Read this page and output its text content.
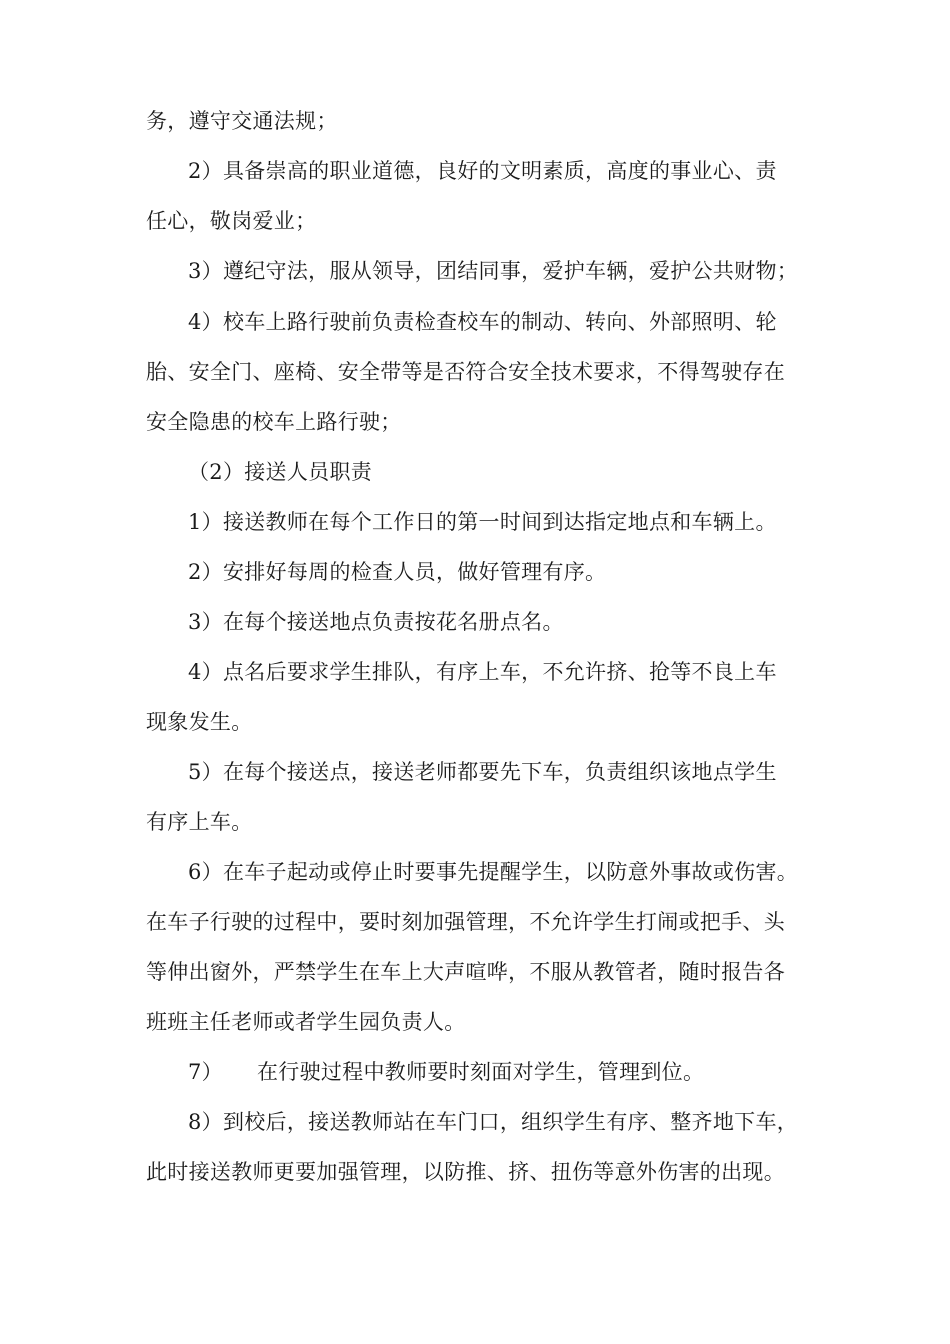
务，遵守交通法规；
2）具备崇高的职业道德，良好的文明素质，高度的事业心、责
任心，敬岗爱业；
3）遵纪守法，服从领导，团结同事，爱护车辆，爱护公共财物；
4）校车上路行驶前负责检查校车的制动、转向、外部照明、轮
胎、安全门、座椅、安全带等是否符合安全技术要求，不得驾驶存在
安全隐患的校车上路行驶；
（2）接送人员职责
1）接送教师在每个工作日的第一时间到达指定地点和车辆上。
2）安排好每周的检查人员，做好管理有序。
3）在每个接送地点负责按花名册点名。
4）点名后要求学生排队，有序上车，不允许挤、抢等不良上车
现象发生。
5）在每个接送点，接送老师都要先下车，负责组织该地点学生
有序上车。
6）在车子起动或停止时要事先提醒学生，以防意外事故或伤害。
在车子行驶的过程中，要时刻加强管理，不允许学生打闹或把手、头
等伸出窗外，严禁学生在车上大声喧哗，不服从教管者，随时报告各
班班主任老师或者学生园负责人。
7） 在行驶过程中教师要时刻面对学生，管理到位。
8）到校后，接送教师站在车门口，组织学生有序、整齐地下车，
此时接送教师更要加强管理，以防推、挤、扭伤等意外伤害的出现。
